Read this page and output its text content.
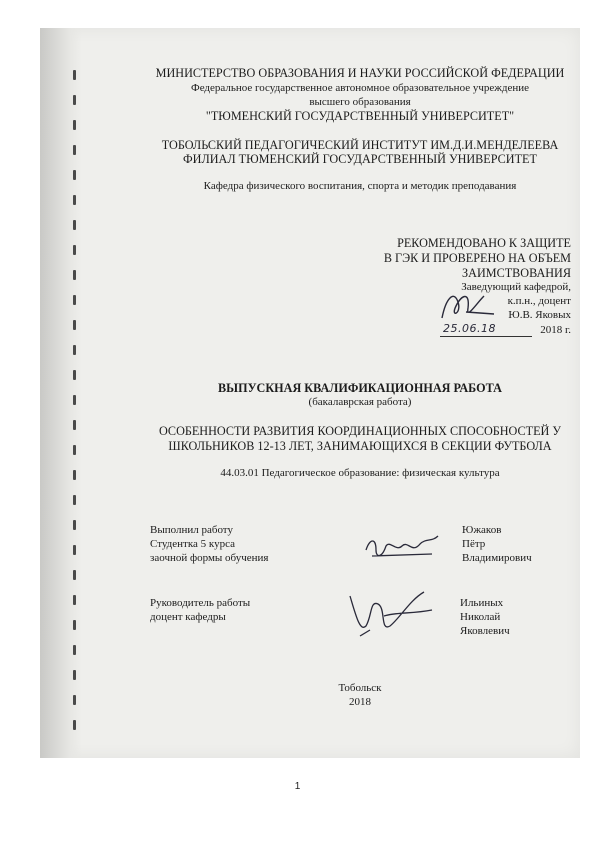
МИНИСТЕРСТВО ОБРАЗОВАНИЯ И НАУКИ РОССИЙСКОЙ ФЕДЕРАЦИИ
Федеральное государственное автономное образовательное учреждение
высшего образования
"ТЮМЕНСКИЙ ГОСУДАРСТВЕННЫЙ УНИВЕРСИТЕТ"
ТОБОЛЬСКИЙ ПЕДАГОГИЧЕСКИЙ ИНСТИТУТ ИМ.Д.И.МЕНДЕЛЕЕВА
ФИЛИАЛ ТЮМЕНСКИЙ ГОСУДАРСТВЕННЫЙ УНИВЕРСИТЕТ
Кафедра физического воспитания, спорта и методик преподавания
РЕКОМЕНДОВАНО К ЗАЩИТЕ
В ГЭК И ПРОВЕРЕНО НА ОБЪЕМ
ЗАИМСТВОВАНИЯ
Заведующий кафедрой,
к.п.н., доцент
Ю.В. Яковых
25.06.18	2018 г.
ВЫПУСКНАЯ КВАЛИФИКАЦИОННАЯ РАБОТА
(бакалаврская работа)
ОСОБЕННОСТИ РАЗВИТИЯ КООРДИНАЦИОННЫХ СПОСОБНОСТЕЙ У
ШКОЛЬНИКОВ 12-13 ЛЕТ, ЗАНИМАЮЩИХСЯ В СЕКЦИИ ФУТБОЛА
44.03.01 Педагогическое образование: физическая культура
Выполнил работу
Студентка 5 курса
заочной формы обучения
Южаков
Пётр
Владимирович
Руководитель работы
доцент кафедры
Ильиных
Николай
Яковлевич
Тобольск
2018
1
